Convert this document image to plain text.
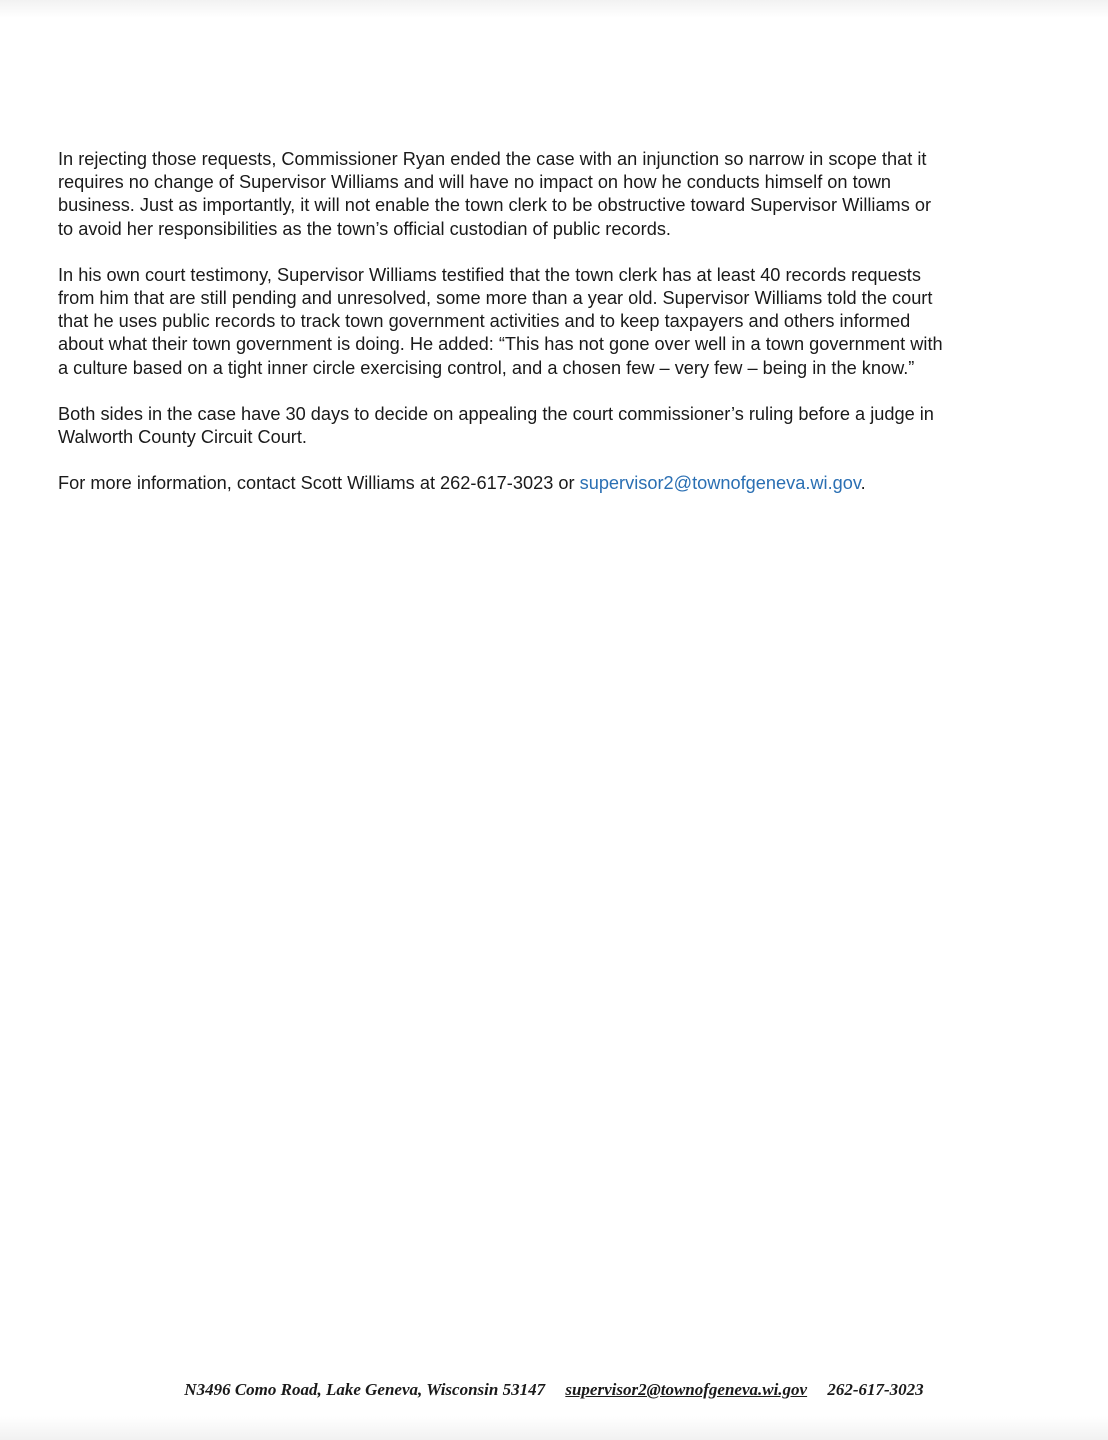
In rejecting those requests, Commissioner Ryan ended the case with an injunction so narrow in scope that it
requires no change of Supervisor Williams and will have no impact on how he conducts himself on town
business. Just as importantly, it will not enable the town clerk to be obstructive toward Supervisor Williams or
to avoid her responsibilities as the town’s official custodian of public records.

In his own court testimony, Supervisor Williams testified that the town clerk has at least 40 records requests
from him that are still pending and unresolved, some more than a year old. Supervisor Williams told the court
that he uses public records to track town government activities and to keep taxpayers and others informed
about what their town government is doing. He added: “This has not gone over well in a town government with
a culture based on a tight inner circle exercising control, and a chosen few – very few – being in the know.”

Both sides in the case have 30 days to decide on appealing the court commissioner’s ruling before a judge in
Walworth County Circuit Court.

For more information, contact Scott Williams at 262-617-3023 or supervisor2@townofgeneva.wi.gov.

N3496 Como Road, Lake Geneva, Wisconsin 53147 supervisor2@townofgeneva.wi.gov 262-617-3023
